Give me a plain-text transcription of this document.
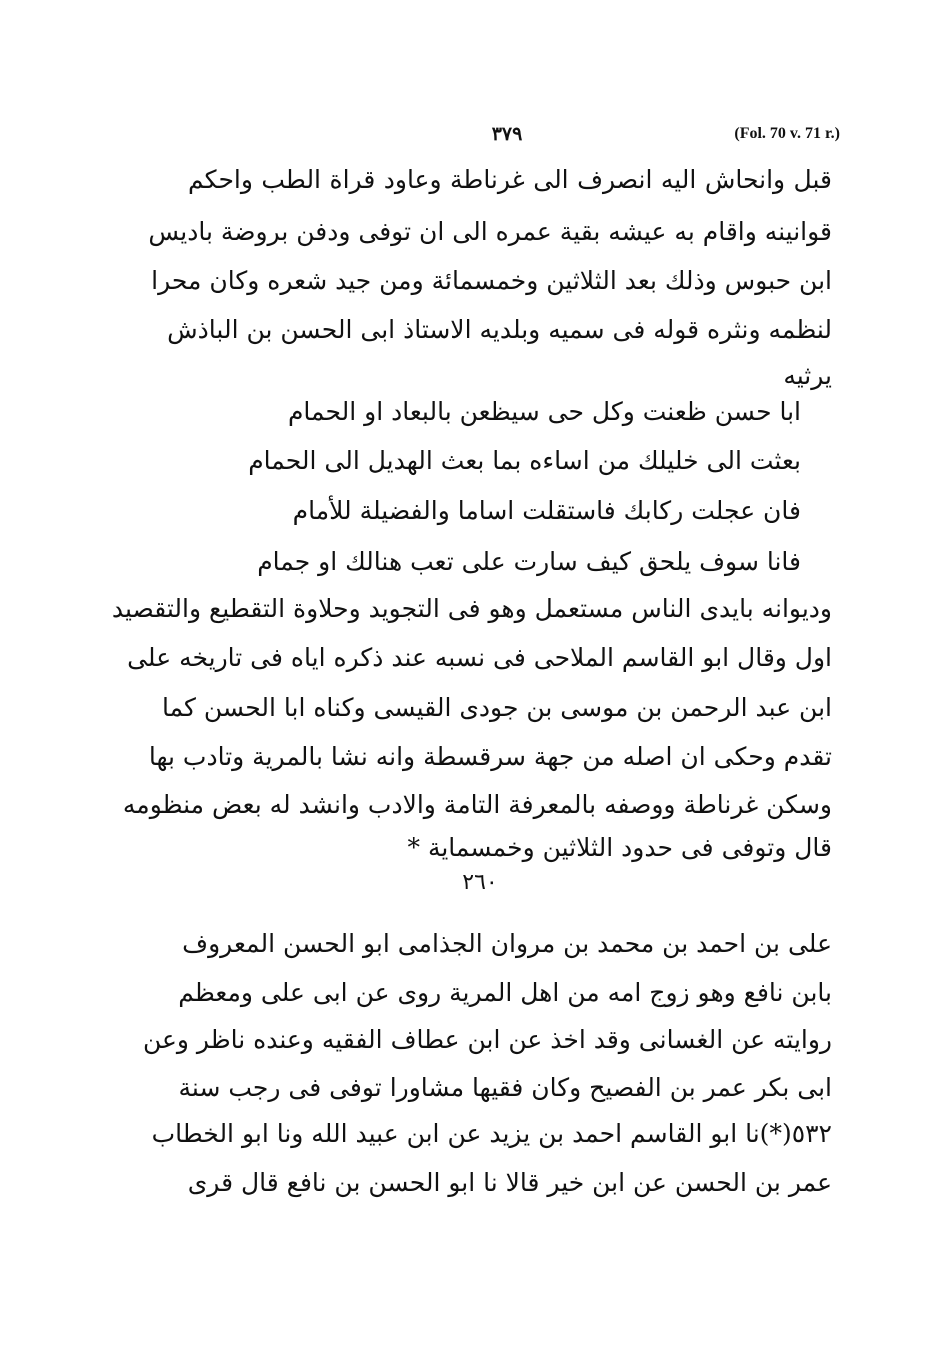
٣٧٩	(Fol. 70 v. 71 r.)
قبل وانحاش اليه انصرف الى غرناطة وعاود قراة الطب واحكم
قوانينه واقام به عيشه بقية عمره الى ان توفى ودفن بروضة باديس
ابن حبوس وذلك بعد الثلاثين وخمسمائة ومن جيد شعره وكان محرا
لنظمه ونثره قوله فى سميه وبلديه الاستاذ ابى الحسن بن الباذش
يرثيه
ابا حسن ظعنت وكل حى سيظعن بالبعاد او الحمام
بعثت الى خليلك من اساءه بما بعث الهديل الى الحمام
فان عجلت ركابك فاستقلت اساما والفضيلة للأمام
فانا سوف يلحق كيف سارت على تعب هنالك او جمام
وديوانه بايدى الناس مستعمل وهو فى التجويد وحلاوة التقطيع والتقصيد
اول وقال ابو القاسم الملاحى فى نسبه عند ذكره اياه فى تاريخه على
ابن عبد الرحمن بن موسى بن جودى القيسى وكناه ابا الحسن كما
تقدم وحكى ان اصله من جهة سرقسطة وانه نشا بالمرية وتادب بها
وسكن غرناطة ووصفه بالمعرفة التامة والادب وانشد له بعض منظومه
قال وتوفى فى حدود الثلاثين وخمسماية *
٢٦٠
على بن احمد بن محمد بن مروان الجذامى ابو الحسن المعروف
بابن نافع وهو زوج امه من اهل المرية روى عن ابى على ومعظم
روايته عن الغسانى وقد اخذ عن ابن عطاف الفقيه وعنده ناظر وعن
ابى بكر عمر بن الفصيح وكان فقيها مشاورا توفى فى رجب سنة
٥٣٢(*)نا ابو القاسم احمد بن يزيد عن ابن عبيد الله ونا ابو الخطاب
عمر بن الحسن عن ابن خير قالا نا ابو الحسن بن نافع قال قرى
